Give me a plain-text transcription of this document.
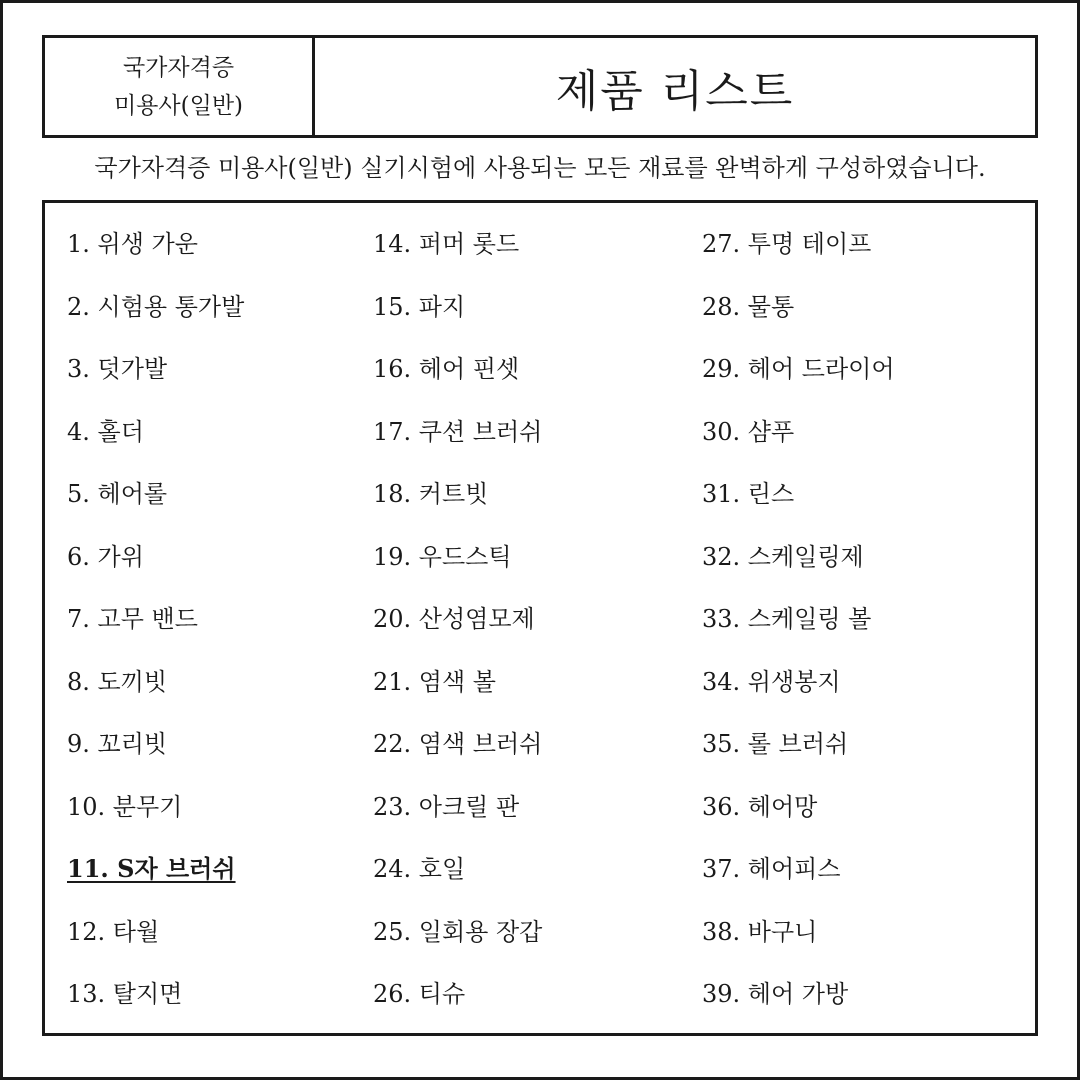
국가자격증
미용사(일반)	제품 리스트
국가자격증 미용사(일반) 실기시험에 사용되는 모든 재료를 완벽하게 구성하였습니다.
1. 위생 가운
2. 시험용 통가발
3. 덧가발
4. 홀더
5. 헤어롤
6. 가위
7. 고무 밴드
8. 도끼빗
9. 꼬리빗
10. 분무기
11. S자 브러쉬
12. 타월
13. 탈지면
14. 퍼머 롯드
15. 파지
16. 헤어 핀셋
17. 쿠션 브러쉬
18. 커트빗
19. 우드스틱
20. 산성염모제
21. 염색 볼
22. 염색 브러쉬
23. 아크릴 판
24. 호일
25. 일회용 장갑
26. 티슈
27. 투명 테이프
28. 물통
29. 헤어 드라이어
30. 샴푸
31. 린스
32. 스케일링제
33. 스케일링 볼
34. 위생봉지
35. 롤 브러쉬
36. 헤어망
37. 헤어피스
38. 바구니
39. 헤어 가방
